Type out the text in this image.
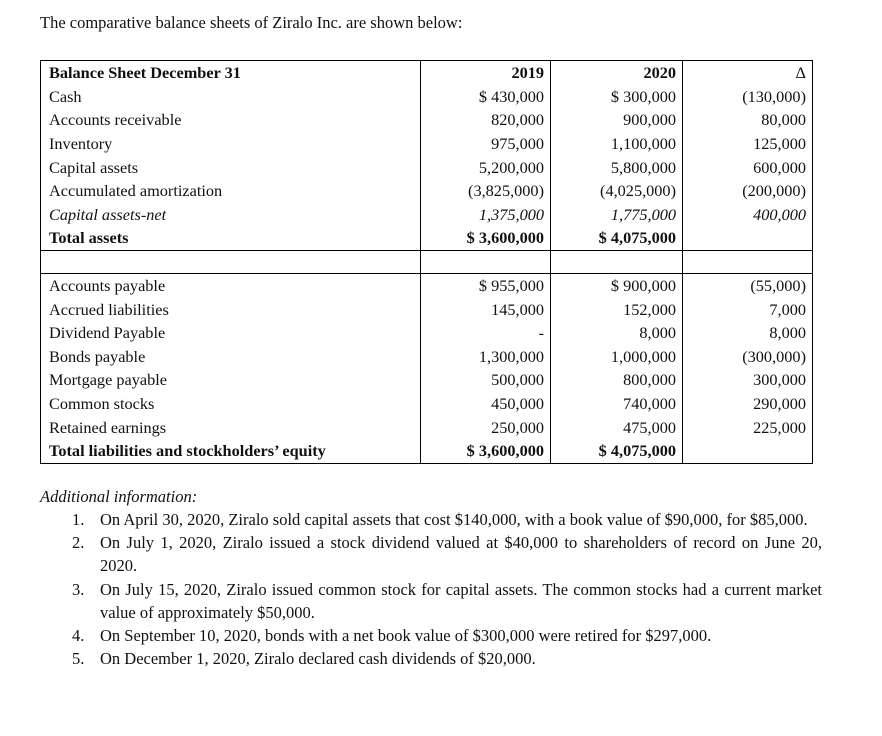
The comparative balance sheets of Ziralo Inc. are shown below:
Balance Sheet December 31	2019	2020	Δ
Cash	$ 430,000	$ 300,000	(130,000)
Accounts receivable	820,000	900,000	80,000
Inventory	975,000	1,100,000	125,000
Capital assets	5,200,000	5,800,000	600,000
Accumulated amortization	(3,825,000)	(4,025,000)	(200,000)
Capital assets-net	1,375,000	1,775,000	400,000
Total assets	$ 3,600,000	$ 4,075,000	

Accounts payable	$ 955,000	$ 900,000	(55,000)
Accrued liabilities	145,000	152,000	7,000
Dividend Payable	-	8,000	8,000
Bonds payable	1,300,000	1,000,000	(300,000)
Mortgage payable	500,000	800,000	300,000
Common stocks	450,000	740,000	290,000
Retained earnings	250,000	475,000	225,000
Total liabilities and stockholders’ equity	$ 3,600,000	$ 4,075,000	
Additional information:
1. On April 30, 2020, Ziralo sold capital assets that cost $140,000, with a book value of $90,000, for $85,000.
2. On July 1, 2020, Ziralo issued a stock dividend valued at $40,000 to shareholders of record on June 20, 2020.
3. On July 15, 2020, Ziralo issued common stock for capital assets. The common stocks had a current market value of approximately $50,000.
4. On September 10, 2020, bonds with a net book value of $300,000 were retired for $297,000.
5. On December 1, 2020, Ziralo declared cash dividends of $20,000.
